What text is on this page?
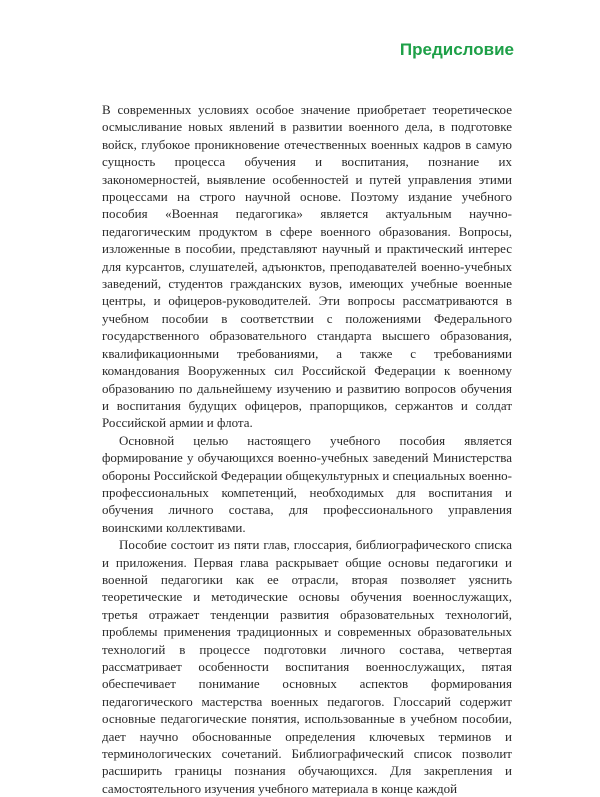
Предисловие

В современных условиях особое значение приобретает теоретическое осмысливание новых явлений в развитии военного дела, в подготовке войск, глубокое проникновение отечественных военных кадров в самую сущность процесса обучения и воспитания, познание их закономерностей, выявление особенностей и путей управления этими процессами на строго научной основе. Поэтому издание учебного пособия «Военная педагогика» является актуальным научно-педагогическим продуктом в сфере военного образования. Вопросы, изложенные в пособии, представляют научный и практический интерес для курсантов, слушателей, адъюнктов, преподавателей военно-учебных заведений, студентов гражданских вузов, имеющих учебные военные центры, и офицеров-руководителей. Эти вопросы рассматриваются в учебном пособии в соответствии с положениями Федерального государственного образовательного стандарта высшего образования, квалификационными требованиями, а также с требованиями командования Вооруженных сил Российской Федерации к военному образованию по дальнейшему изучению и развитию вопросов обучения и воспитания будущих офицеров, прапорщиков, сержантов и солдат Российской армии и флота.

Основной целью настоящего учебного пособия является формирование у обучающихся военно-учебных заведений Министерства обороны Российской Федерации общекультурных и специальных военно-профессиональных компетенций, необходимых для воспитания и обучения личного состава, для профессионального управления воинскими коллективами.

Пособие состоит из пяти глав, глоссария, библиографического списка и приложения. Первая глава раскрывает общие основы педагогики и военной педагогики как ее отрасли, вторая позволяет уяснить теоретические и методические основы обучения военнослужащих, третья отражает тенденции развития образовательных технологий, проблемы применения традиционных и современных образовательных технологий в процессе подготовки личного состава, четвертая рассматривает особенности воспитания военнослужащих, пятая обеспечивает понимание основных аспектов формирования педагогического мастерства военных педагогов. Глоссарий содержит основные педагогические понятия, использованные в учебном пособии, дает научно обоснованные определения ключевых терминов и терминологических сочетаний. Библиографический список позволит расширить границы познания обучающихся. Для закрепления и самостоятельного изучения учебного материала в конце каждой
